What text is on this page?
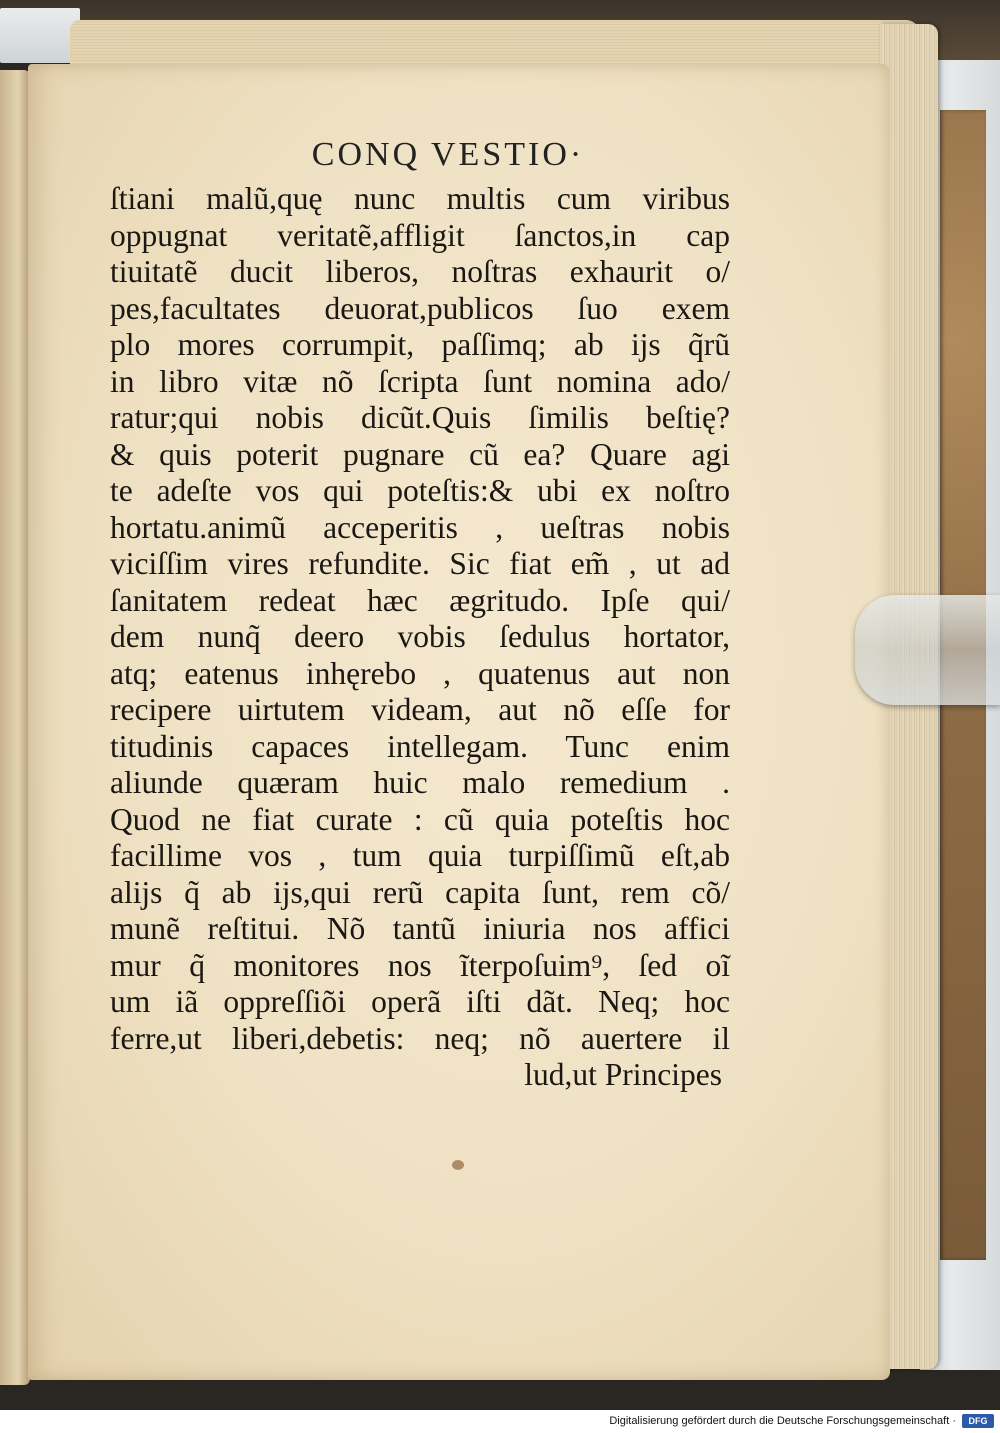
CONQ VESTIO·
ſtiani malũ,quę nunc multis cum viribus
oppugnat veritatẽ,affligit ſanctos,in cap
tiuitatẽ ducit liberos, noſtras exhaurit o/
pes,facultates deuorat,publicos ſuo exem
plo mores corrumpit, paſſimq; ab ĳs q̃rũ
in libro vitæ nõ ſcripta ſunt nomina ado/
ratur;qui nobis dicũt.Quis ſimilis beſtię?
& quis poterit pugnare cũ ea? Quare agi
te adeſte vos qui poteſtis:& ubi ex noſtro
hortatu.animũ acceperitis , ueſtras nobis
viciſſim vires refundite. Sic fiat em̃ , ut ad
ſanitatem redeat hæc ægritudo. Ipſe qui/
dem nunq̃ deero vobis ſedulus hortator,
atq; eatenus inhęrebo , quatenus aut non
recipere uirtutem videam, aut nõ eſſe for
titudinis capaces intellegam. Tunc enim
aliunde quæram huic malo remedium .
Quod ne fiat curate : cũ quia poteſtis hoc
facillime vos , tum quia turpiſſimũ eſt,ab
alĳs q̃ ab ĳs,qui rerũ capita ſunt, rem cõ/
munẽ reſtitui. Nõ tantũ iniuria nos affici
mur q̃ monitores nos ĩterpoſuim⁹, ſed oĩ
um iã oppreſſiõi operã iſti dãt. Neq; hoc
ferre,ut liberi,debetis: neq; nõ auertere il
lud,ut Principes
Digitalisierung gefördert durch die Deutsche Forschungsgemeinschaft ·	DFG
